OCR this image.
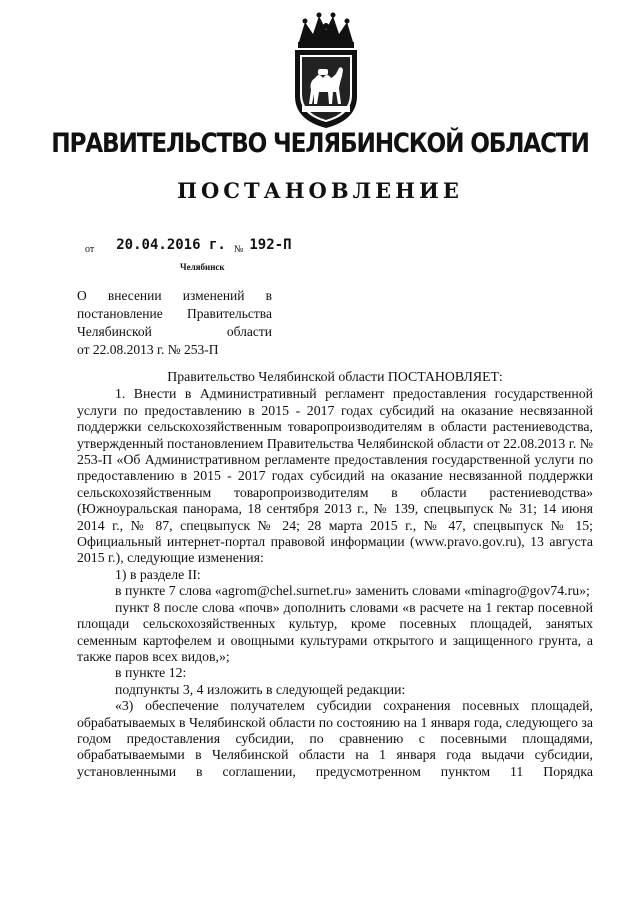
ПРАВИТЕЛЬСТВО ЧЕЛЯБИНСКОЙ ОБЛАСТИ
ПОСТАНОВЛЕНИЕ
от 20.04.2016 г. № 192-П
Челябинск
О внесении изменений в
постановление Правительства
Челябинской области
от 22.08.2013 г. № 253-П

Правительство Челябинской области ПОСТАНОВЛЯЕТ:

1. Внести в Административный регламент предоставления государственной услуги по предоставлению в 2015 - 2017 годах субсидий на оказание несвязанной поддержки сельскохозяйственным товаропроизводителям в области растениеводства, утвержденный постановлением Правительства Челябинской области от 22.08.2013 г. № 253-П «Об Административном регламенте предоставления государственной услуги по предоставлению в 2015 - 2017 годах субсидий на оказание несвязанной поддержки сельскохозяйственным товаропроизводителям в области растениеводства» (Южноуральская панорама, 18 сентября 2013 г., № 139, спецвыпуск № 31; 14 июня 2014 г., № 87, спецвыпуск № 24; 28 марта 2015 г., № 47, спецвыпуск № 15; Официальный интернет-портал правовой информации (www.pravo.gov.ru), 13 августа 2015 г.), следующие изменения:

1) в разделе II:

в пункте 7 слова «agrom@chel.surnet.ru» заменить словами «minagro@gov74.ru»;

пункт 8 после слова «почв» дополнить словами «в расчете на 1 гектар посевной площади сельскохозяйственных культур, кроме посевных площадей, занятых семенным картофелем и овощными культурами открытого и защищенного грунта, а также паров всех видов,»;

в пункте 12:

подпункты 3, 4 изложить в следующей редакции:

«3) обеспечение получателем субсидии сохранения посевных площадей, обрабатываемых в Челябинской области по состоянию на 1 января года, следующего за годом предоставления субсидии, по сравнению с посевными площадями, обрабатываемыми в Челябинской области на 1 января года выдачи субсидии, установленными в соглашении, предусмотренном пунктом 11 Порядка
